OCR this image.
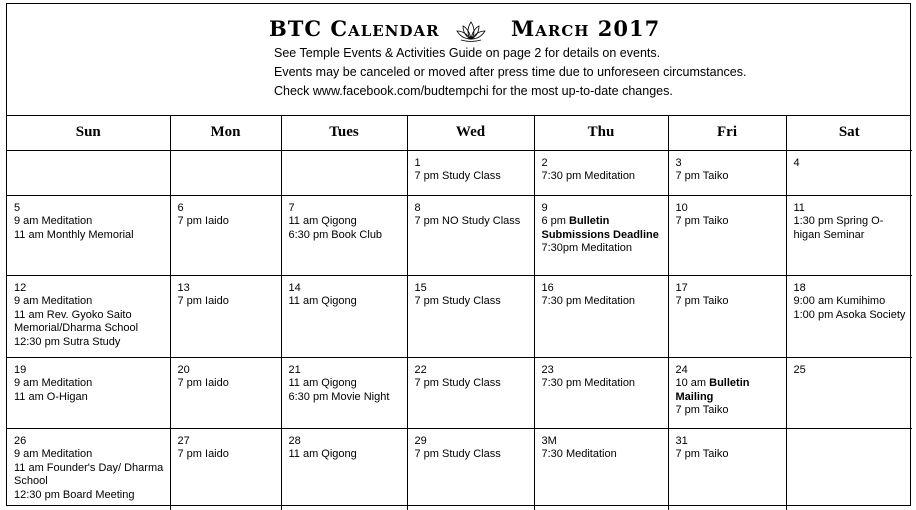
BTC Calendar	March 2017
See Temple Events & Activities Guide on page 2 for details on events.
Events may be canceled or moved after press time due to unforeseen circumstances.
Check www.facebook.com/budtempchi for the most up-to-date changes.
Sun	Mon	Tues	Wed	Thu	Fri	Sat

			1
7 pm Study Class	2
7:30 pm Meditation	3
7 pm Taiko	4

5
9 am Meditation
11 am Monthly Memorial	6
7 pm Iaido	7
11 am Qigong
6:30 pm Book Club	8
7 pm NO Study Class	9
6 pm Bulletin Submissions Deadline
7:30pm Meditation	10
7 pm Taiko	11
1:30 pm Spring O-higan Seminar

12
9 am Meditation
11 am Rev. Gyoko Saito Memorial/Dharma School
12:30 pm Sutra Study	13
7 pm Iaido	14
11 am Qigong	15
7 pm Study Class	16
7:30 pm Meditation	17
7 pm Taiko	18
9:00 am Kumihimo
1:00 pm Asoka Society

19
9 am Meditation
11 am O-Higan	20
7 pm Iaido	21
11 am Qigong
6:30 pm Movie Night	22
7 pm Study Class	23
7:30 pm Meditation	24
10 am Bulletin Mailing
7 pm Taiko	25

26
9 am Meditation
11 am Founder's Day/ Dharma School
12:30 pm Board Meeting	27
7 pm Iaido	28
11 am Qigong	29
7 pm Study Class	3M
7:30 Meditation	31
7 pm Taiko	
